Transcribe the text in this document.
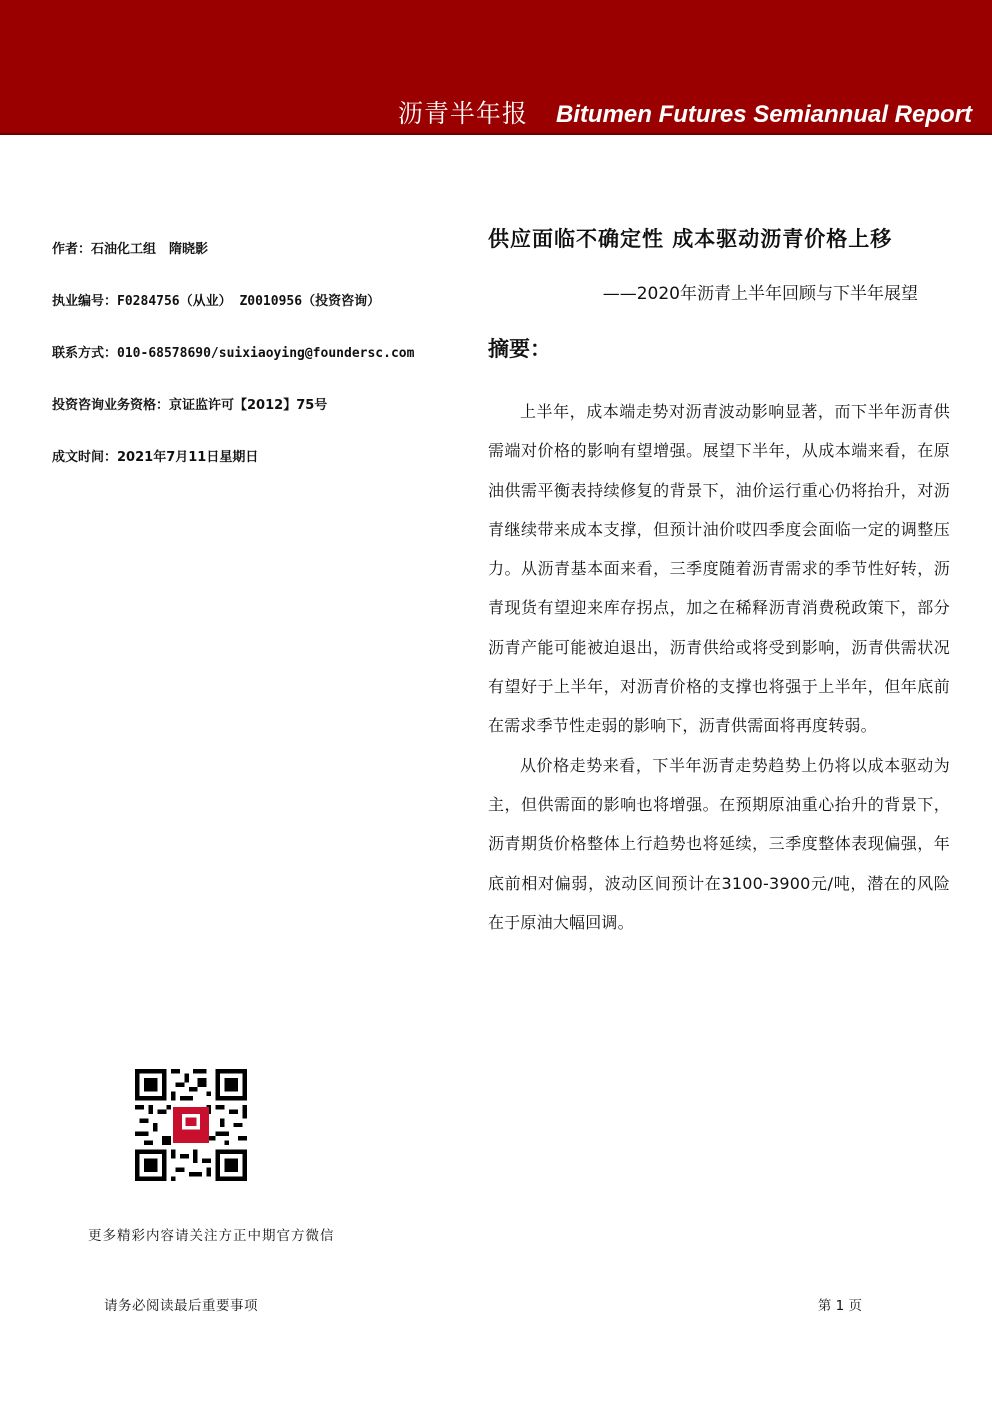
沥青半年报 Bitumen Futures Semiannual Report
作者：石油化工组　隋晓影
执业编号：F0284756（从业） Z0010956（投资咨询）
联系方式：010-68578690/suixiaoying@foundersc.com
投资咨询业务资格：京证监许可【2012】75号
成文时间：2021年7月11日星期日
供应面临不确定性 成本驱动沥青价格上移
——2020年沥青上半年回顾与下半年展望
摘要：

上半年，成本端走势对沥青波动影响显著，而下半年沥青供需端对价格的影响有望增强。展望下半年，从成本端来看，在原油供需平衡表持续修复的背景下，油价运行重心仍将抬升，对沥青继续带来成本支撑，但预计油价哎四季度会面临一定的调整压力。从沥青基本面来看，三季度随着沥青需求的季节性好转，沥青现货有望迎来库存拐点，加之在稀释沥青消费税政策下，部分沥青产能可能被迫退出，沥青供给或将受到影响，沥青供需状况有望好于上半年，对沥青价格的支撑也将强于上半年，但年底前在需求季节性走弱的影响下，沥青供需面将再度转弱。

从价格走势来看，下半年沥青走势趋势上仍将以成本驱动为主，但供需面的影响也将增强。在预期原油重心抬升的背景下，沥青期货价格整体上行趋势也将延续，三季度整体表现偏强，年底前相对偏弱，波动区间预计在3100-3900元/吨，潜在的风险在于原油大幅回调。

更多精彩内容请关注方正中期官方微信
请务必阅读最后重要事项	第 1 页
